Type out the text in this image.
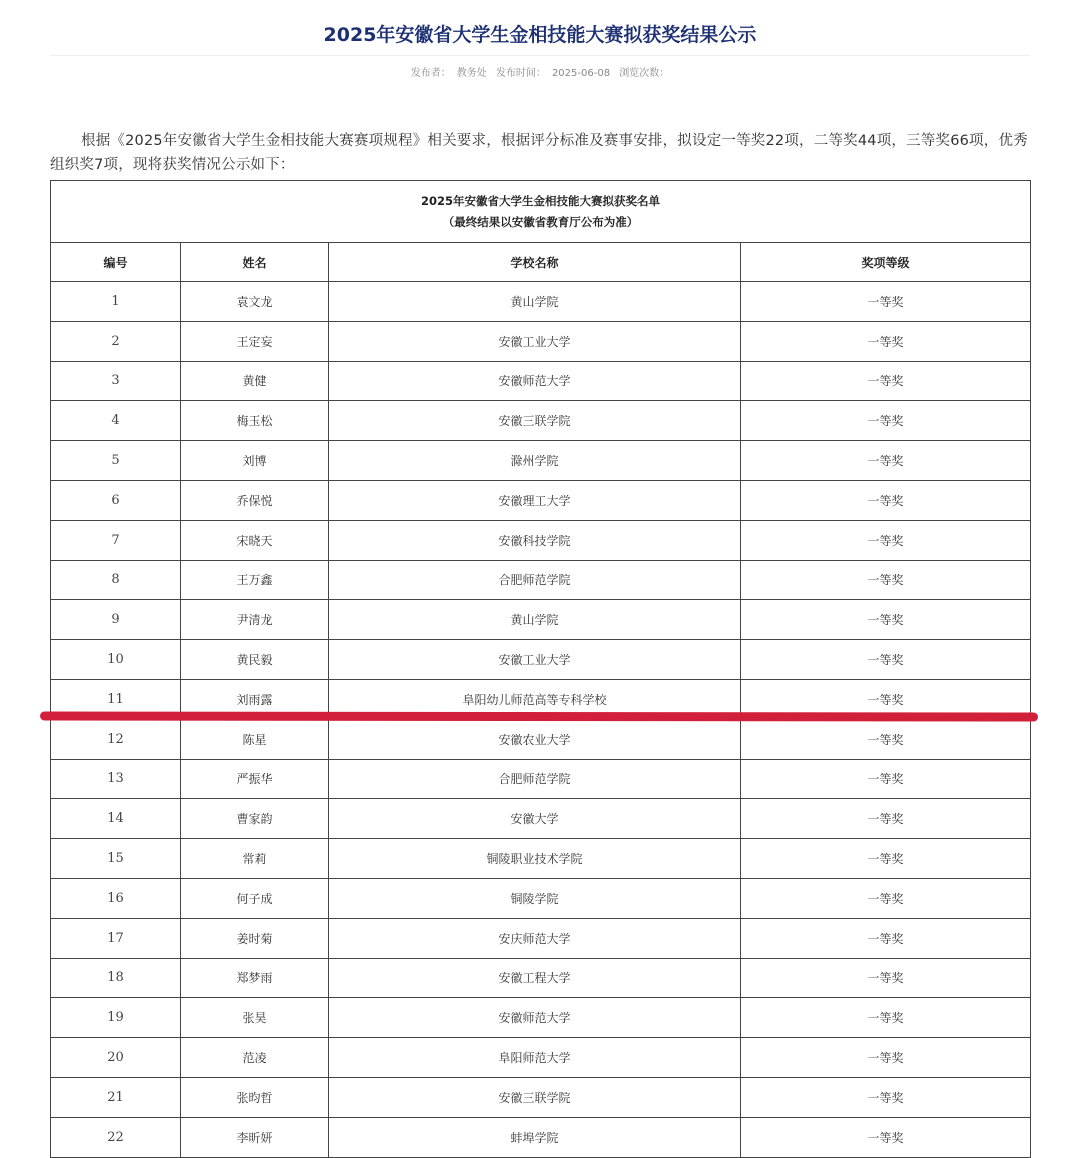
2025年安徽省大学生金相技能大赛拟获奖结果公示
发布者： 教务处 发布时间： 2025-06-08 浏览次数：
根据《2025年安徽省大学生金相技能大赛赛项规程》相关要求，根据评分标准及赛事安排，拟设定一等奖22项，二等奖44项，三等奖66项，优秀组织奖7项，现将获奖情况公示如下：
2025年安徽省大学生金相技能大赛拟获奖名单
（最终结果以安徽省教育厅公布为准）			

编号	姓名	学校名称	奖项等级
1	袁文龙	黄山学院	一等奖
2	王定妄	安徽工业大学	一等奖
3	黄健	安徽师范大学	一等奖
4	梅玉松	安徽三联学院	一等奖
5	刘博	滁州学院	一等奖
6	乔保悦	安徽理工大学	一等奖
7	宋晓天	安徽科技学院	一等奖
8	王万鑫	合肥师范学院	一等奖
9	尹清龙	黄山学院	一等奖
10	黄民毅	安徽工业大学	一等奖
11	刘雨露	阜阳幼儿师范高等专科学校	一等奖
12	陈星	安徽农业大学	一等奖
13	严振华	合肥师范学院	一等奖
14	曹家韵	安徽大学	一等奖
15	常莉	铜陵职业技术学院	一等奖
16	何子成	铜陵学院	一等奖
17	姜时菊	安庆师范大学	一等奖
18	郑梦雨	安徽工程大学	一等奖
19	张昊	安徽师范大学	一等奖
20	范凌	阜阳师范大学	一等奖
21	张昀哲	安徽三联学院	一等奖
22	李昕妍	蚌埠学院	一等奖
